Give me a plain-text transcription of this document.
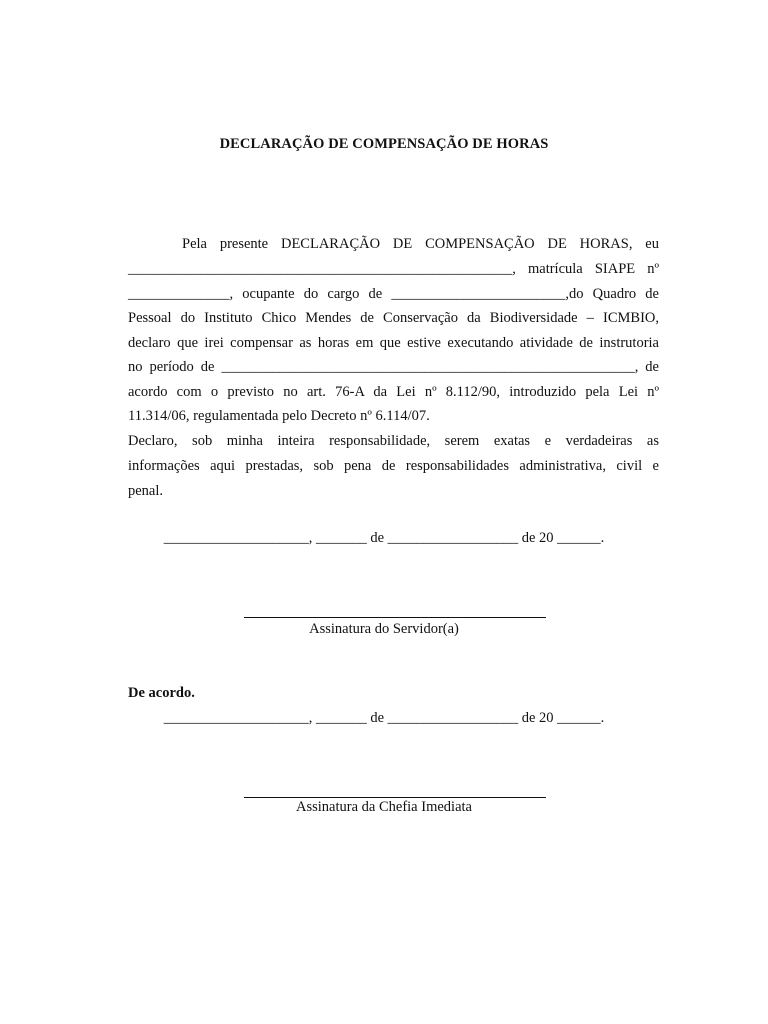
DECLARAÇÃO DE COMPENSAÇÃO DE HORAS
Pela presente DECLARAÇÃO DE COMPENSAÇÃO DE HORAS, eu
_____________________________________________________, matrícula SIAPE nº
______________, ocupante do cargo de ________________________,do Quadro de
Pessoal do Instituto Chico Mendes de Conservação da Biodiversidade – ICMBIO,
declaro que irei compensar as horas em que estive executando atividade de instrutoria
no período de _________________________________________________________, de
acordo com o previsto no art. 76-A da Lei nº 8.112/90, introduzido pela Lei nº
11.314/06, regulamentada pelo Decreto nº 6.114/07.
Declaro, sob minha inteira responsabilidade, serem exatas e verdadeiras as
informações aqui prestadas, sob pena de responsabilidades administrativa, civil e
penal.
____________________, _______ de __________________ de 20 ______.
Assinatura do Servidor(a)
De acordo.
____________________, _______ de __________________ de 20 ______.
Assinatura da Chefia Imediata
